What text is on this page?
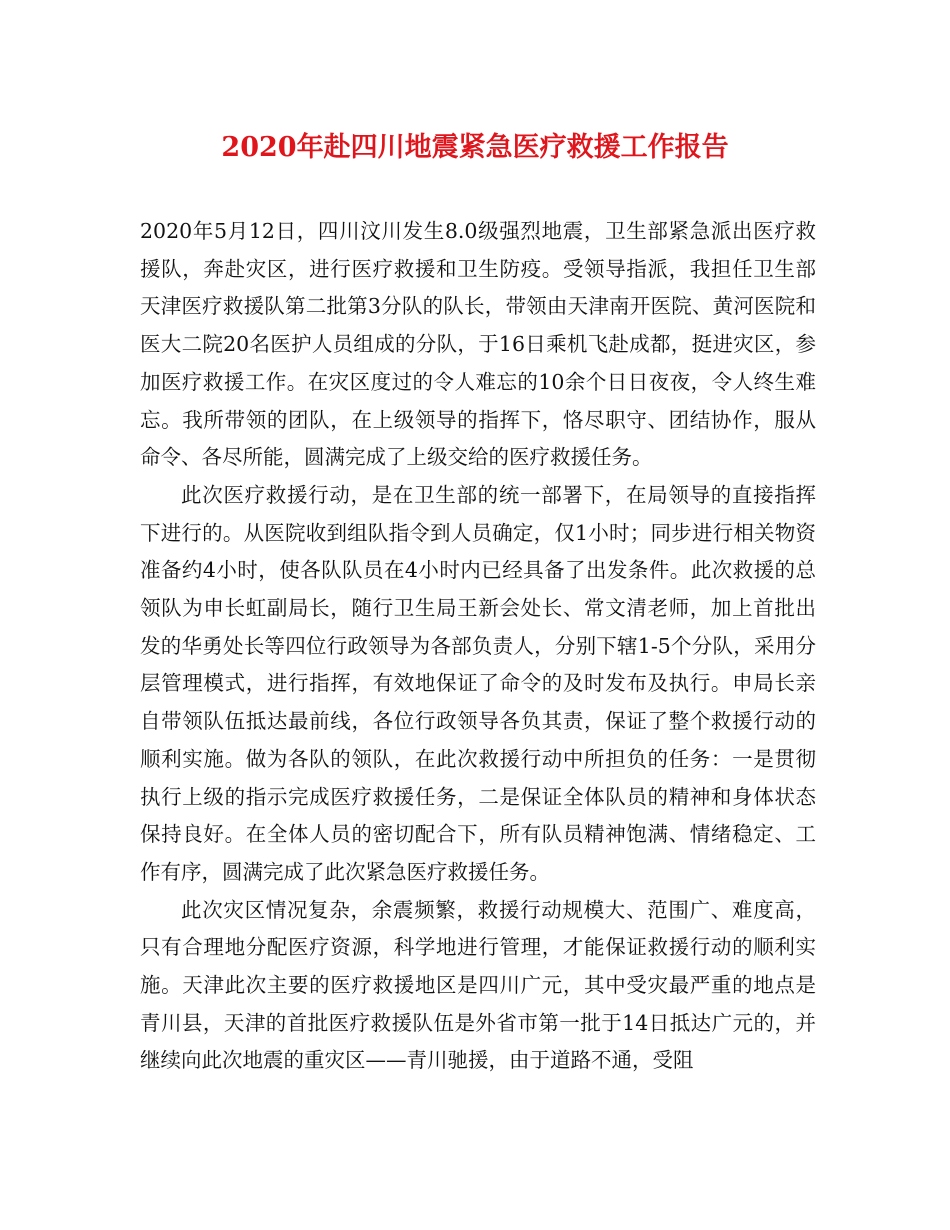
2020年赴四川地震紧急医疗救援工作报告

2020年5月12日，四川汶川发生8.0级强烈地震，卫生部紧急派出医疗救援队，奔赴灾区，进行医疗救援和卫生防疫。受领导指派，我担任卫生部天津医疗救援队第二批第3分队的队长，带领由天津南开医院、黄河医院和医大二院20名医护人员组成的分队，于16日乘机飞赴成都，挺进灾区，参加医疗救援工作。在灾区度过的令人难忘的10余个日日夜夜，令人终生难忘。我所带领的团队，在上级领导的指挥下，恪尽职守、团结协作，服从命令、各尽所能，圆满完成了上级交给的医疗救援任务。

此次医疗救援行动，是在卫生部的统一部署下，在局领导的直接指挥下进行的。从医院收到组队指令到人员确定，仅1小时；同步进行相关物资准备约4小时，使各队队员在4小时内已经具备了出发条件。此次救援的总领队为申长虹副局长，随行卫生局王新会处长、常文清老师，加上首批出发的华勇处长等四位行政领导为各部负责人，分别下辖1-5个分队，采用分层管理模式，进行指挥，有效地保证了命令的及时发布及执行。申局长亲自带领队伍抵达最前线，各位行政领导各负其责，保证了整个救援行动的顺利实施。做为各队的领队，在此次救援行动中所担负的任务：一是贯彻执行上级的指示完成医疗救援任务，二是保证全体队员的精神和身体状态保持良好。在全体人员的密切配合下，所有队员精神饱满、情绪稳定、工作有序，圆满完成了此次紧急医疗救援任务。

此次灾区情况复杂，余震频繁，救援行动规模大、范围广、难度高，只有合理地分配医疗资源，科学地进行管理，才能保证救援行动的顺利实施。天津此次主要的医疗救援地区是四川广元，其中受灾最严重的地点是青川县，天津的首批医疗救援队伍是外省市第一批于14日抵达广元的，并继续向此次地震的重灾区——青川驰援，由于道路不通，受阻
